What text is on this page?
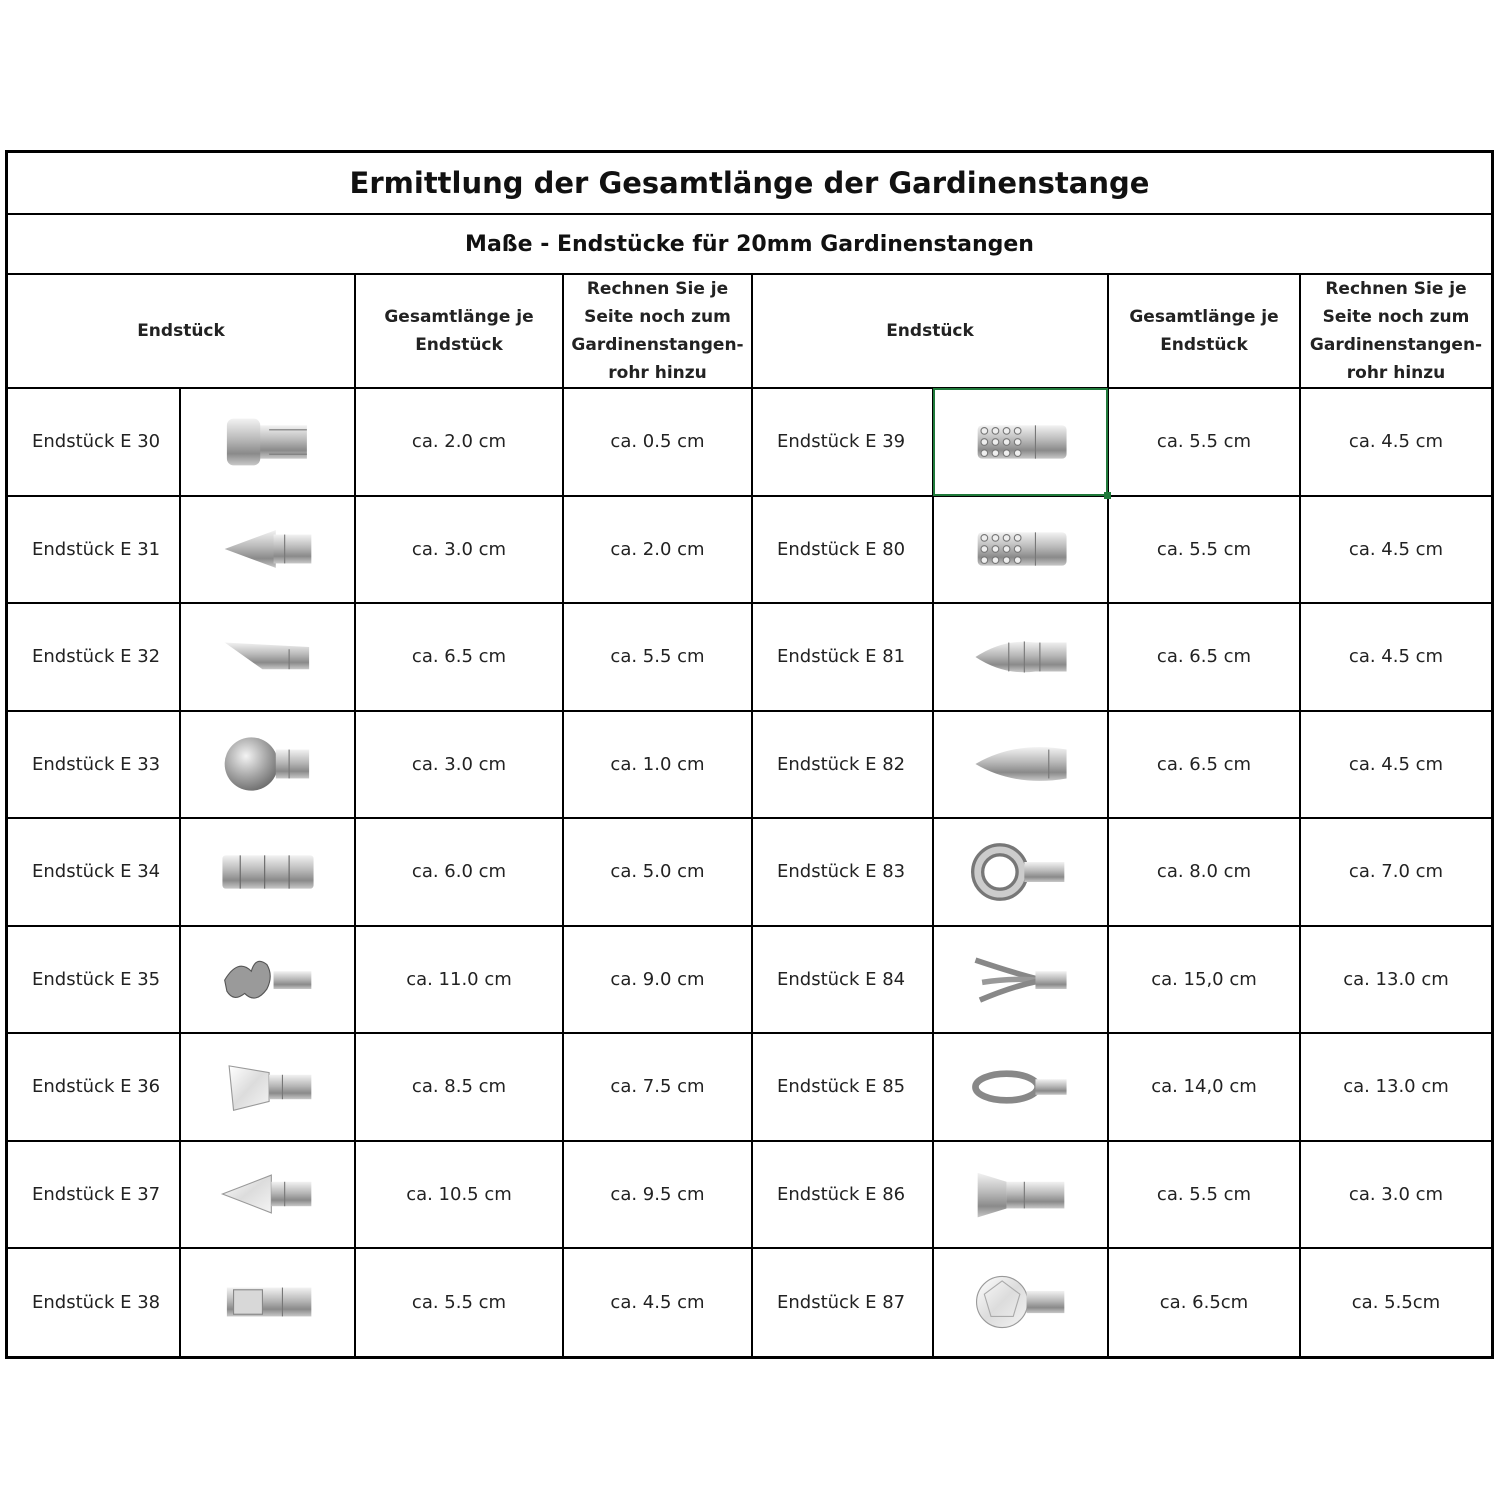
Ermittlung der Gesamtlänge der Gardinenstange
Maße - Endstücke für 20mm Gardinenstangen
Endstück		Gesamtlänge je Endstück	Rechnen Sie je Seite noch zum Gardinenstangen-rohr hinzu	Endstück		Gesamtlänge je Endstück	Rechnen Sie je Seite noch zum Gardinenstangen-rohr hinzu
Endstück E 30		ca. 2.0 cm	ca. 0.5 cm	Endstück E 39		ca. 5.5 cm	ca. 4.5 cm
Endstück E 31		ca. 3.0 cm	ca. 2.0 cm	Endstück E 80		ca. 5.5 cm	ca. 4.5 cm
Endstück E 32		ca. 6.5 cm	ca. 5.5 cm	Endstück E 81		ca. 6.5 cm	ca. 4.5 cm
Endstück E 33		ca. 3.0 cm	ca. 1.0 cm	Endstück E 82		ca. 6.5 cm	ca. 4.5 cm
Endstück E 34		ca. 6.0 cm	ca. 5.0 cm	Endstück E 83		ca. 8.0 cm	ca. 7.0 cm
Endstück E 35		ca. 11.0 cm	ca. 9.0 cm	Endstück E 84		ca. 15,0 cm	ca. 13.0 cm
Endstück E 36		ca. 8.5 cm	ca. 7.5 cm	Endstück E 85		ca. 14,0 cm	ca. 13.0 cm
Endstück E 37		ca. 10.5 cm	ca. 9.5 cm	Endstück E 86		ca. 5.5 cm	ca. 3.0 cm
Endstück E 38		ca. 5.5 cm	ca. 4.5 cm	Endstück E 87		ca. 6.5cm	ca. 5.5cm
